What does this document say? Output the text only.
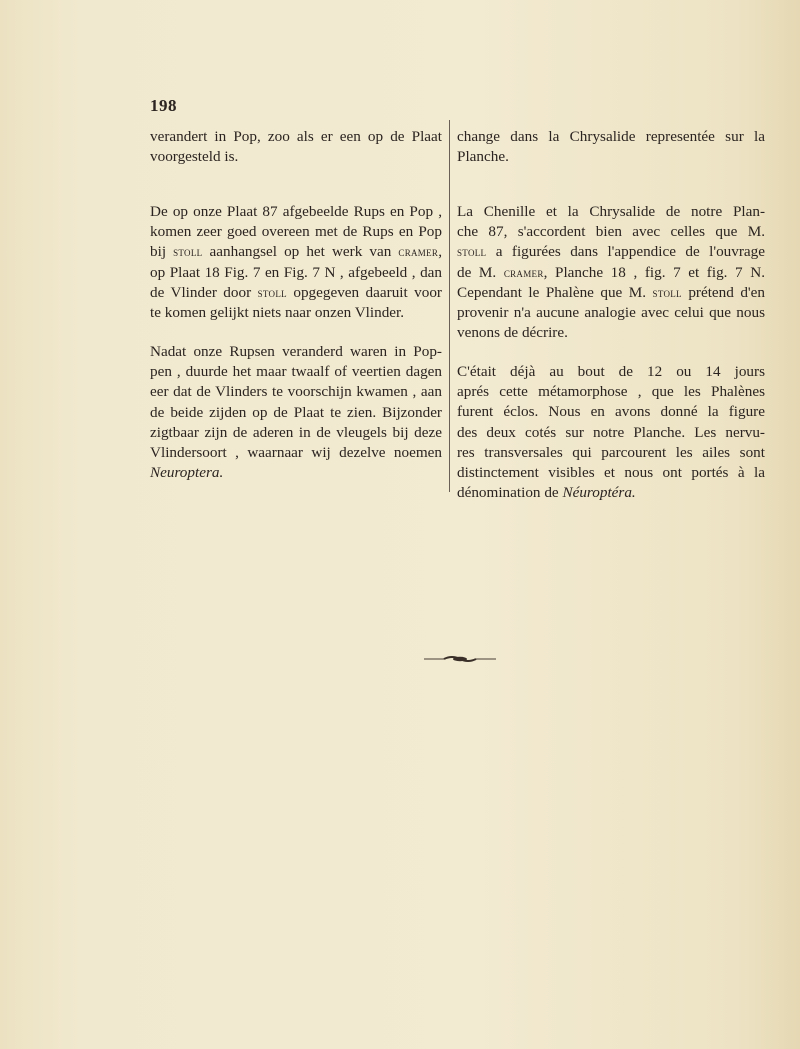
198
verandert in Pop, zoo als er een op de Plaat
voorgesteld is.
De op onze Plaat 87 afgebeelde Rups en Pop ,
komen zeer goed overeen met de Rups en Pop
bij stoll aanhangsel op het werk van cramer,
op Plaat 18 Fig. 7 en Fig. 7 N , afgebeeld , dan
de Vlinder door stoll opgegeven daaruit voor
te komen gelijkt niets naar onzen Vlinder.
Nadat onze Rupsen veranderd waren in Pop-
pen , duurde het maar twaalf of veertien dagen
eer dat de Vlinders te voorschijn kwamen , aan
de beide zijden op de Plaat te zien. Bijzonder
zigtbaar zijn de aderen in de vleugels bij deze
Vlindersoort , waarnaar wij dezelve noemen
Neuroptera.
change dans la Chrysalide representée sur la
Planche.
La Chenille et la Chrysalide de notre Plan-
che 87, s'accordent bien avec celles que M.
stoll a figurées dans l'appendice de l'ouvrage
de M. cramer, Planche 18 , fig. 7 et fig. 7 N.
Cependant le Phalène que M. stoll prétend d'en
provenir n'a aucune analogie avec celui que nous
venons de décrire.
C'était déjà au bout de 12 ou 14 jours
aprés cette métamorphose , que les Phalènes
furent éclos. Nous en avons donné la figure
des deux cotés sur notre Planche. Les nervu-
res transversales qui parcourent les ailes sont
distinctement visibles et nous ont portés à la
dénomination de Néuroptéra.
